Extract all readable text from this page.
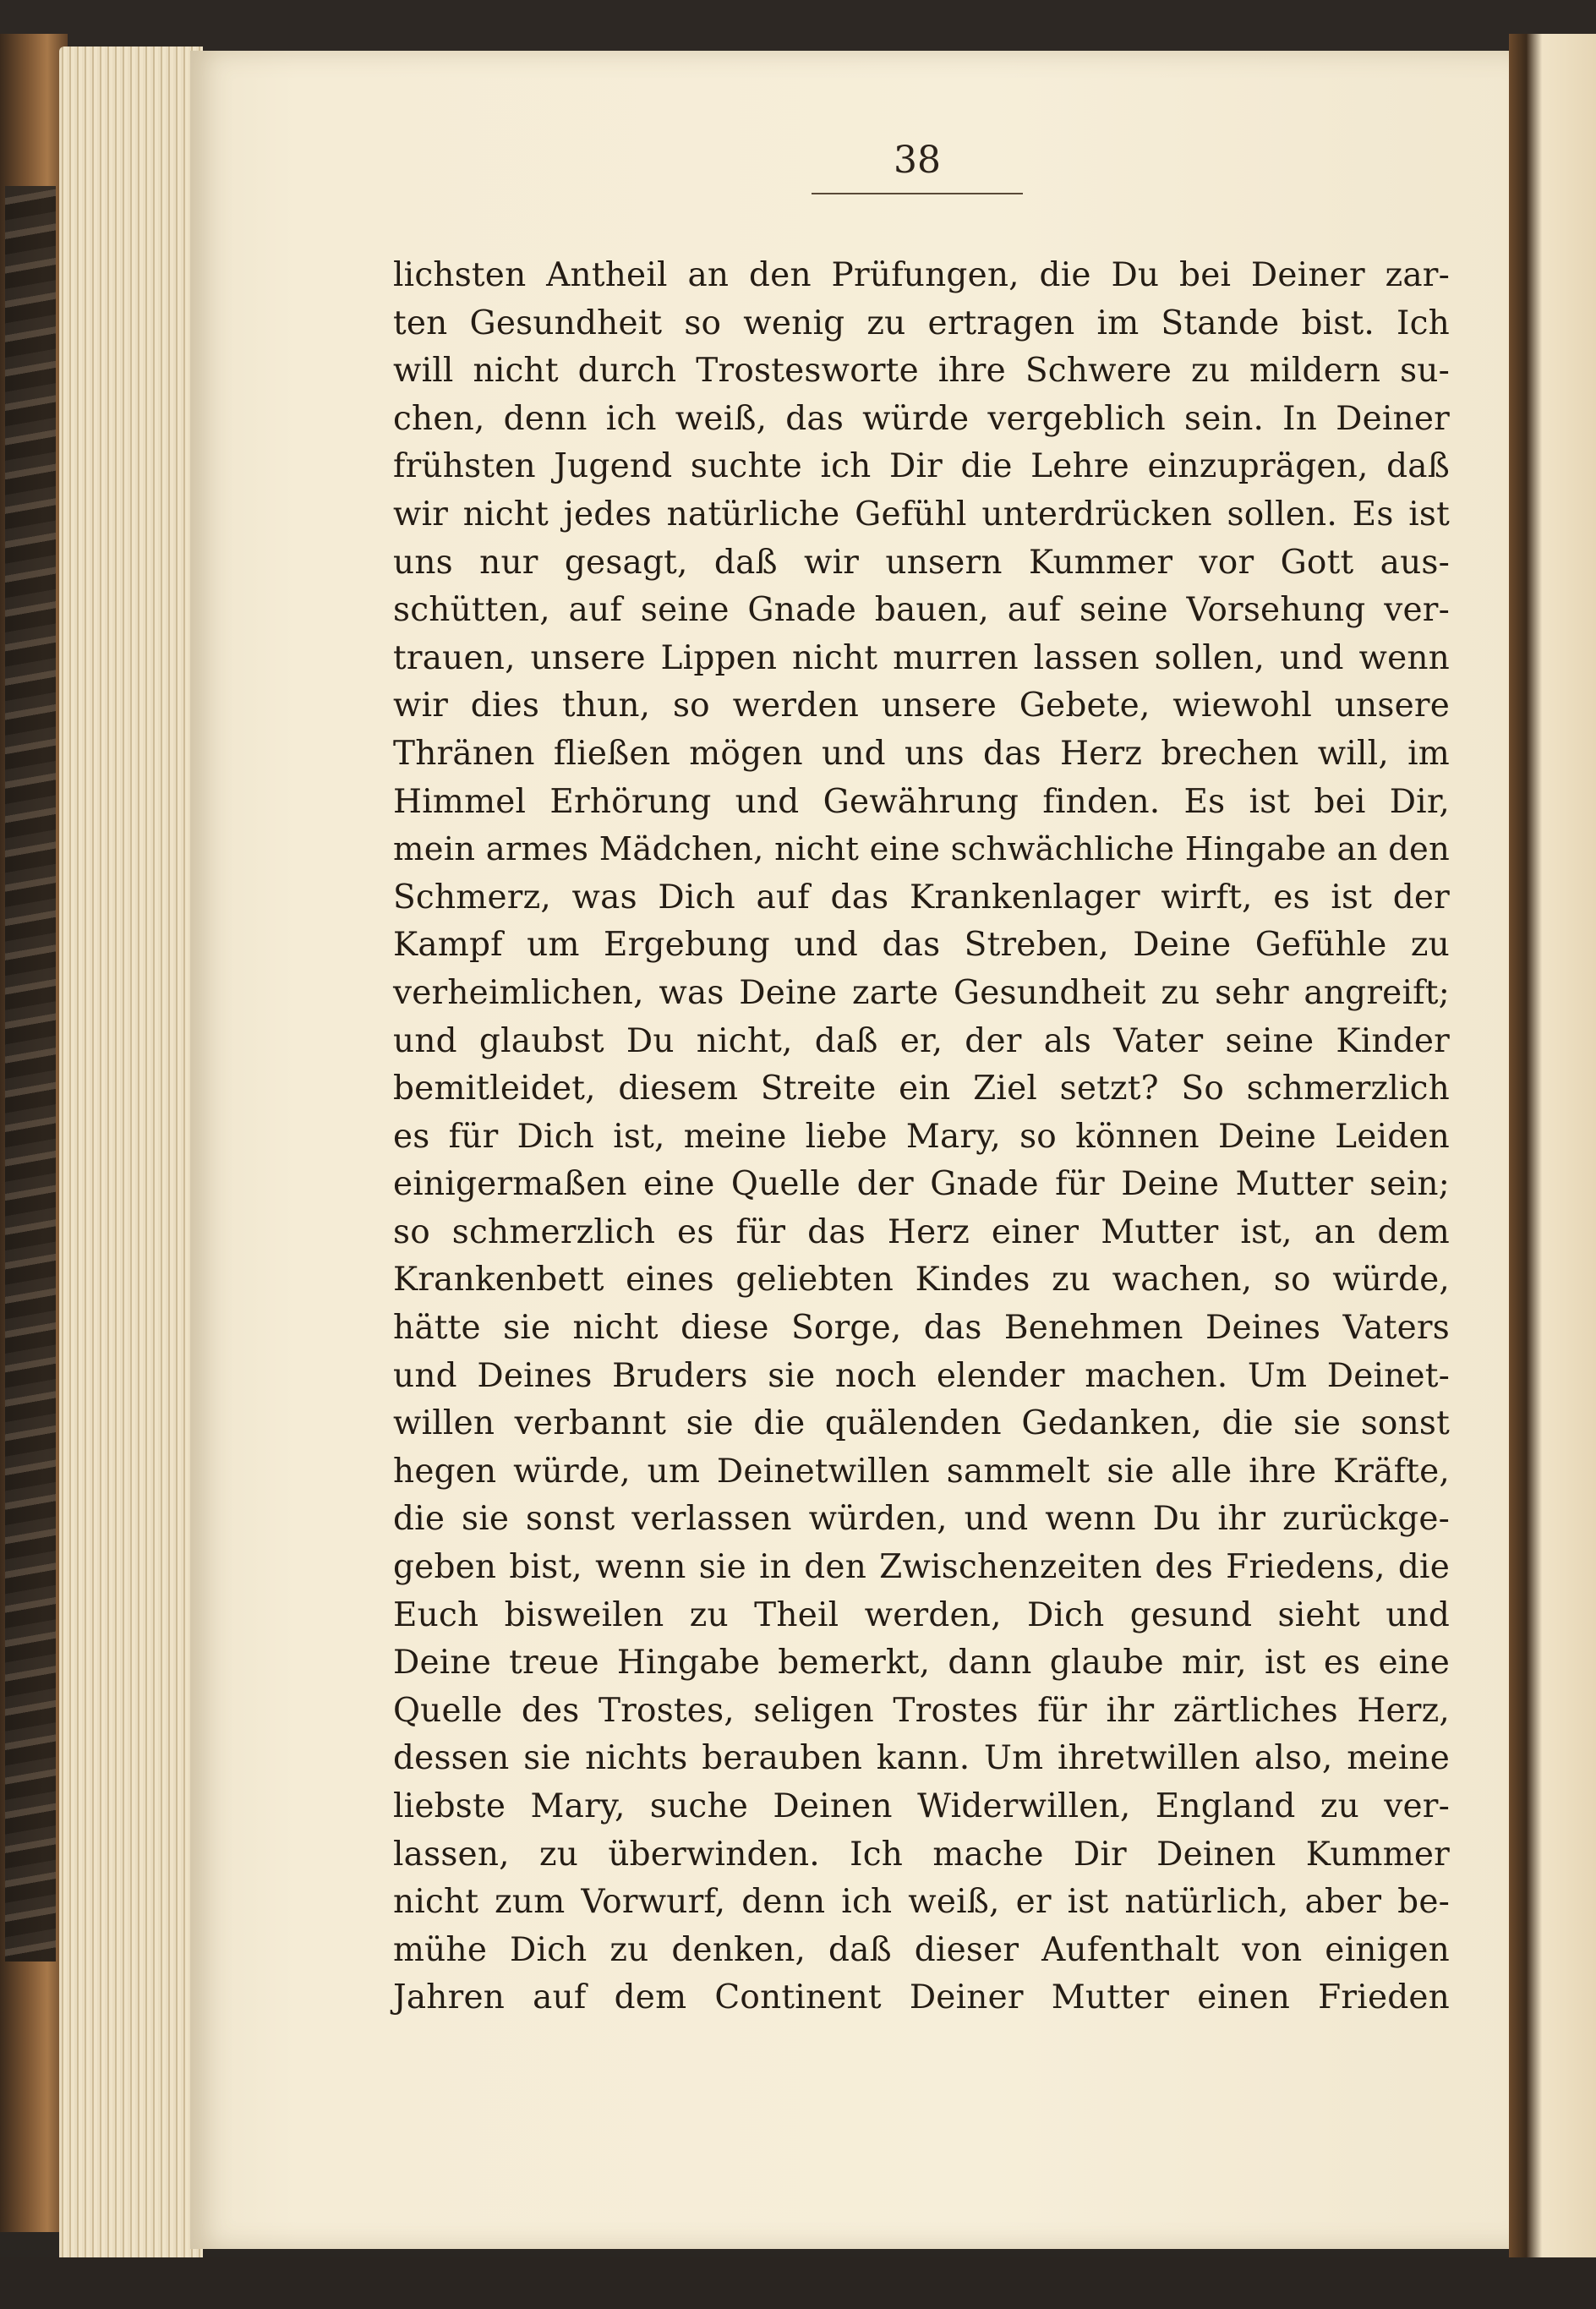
38
lichsten Antheil an den Prüfungen, die Du bei Deiner zar-
ten Gesundheit so wenig zu ertragen im Stande bist. Ich
will nicht durch Trostesworte ihre Schwere zu mildern su-
chen, denn ich weiß, das würde vergeblich sein. In Deiner
frühsten Jugend suchte ich Dir die Lehre einzuprägen, daß
wir nicht jedes natürliche Gefühl unterdrücken sollen. Es ist
uns nur gesagt, daß wir unsern Kummer vor Gott aus-
schütten, auf seine Gnade bauen, auf seine Vorsehung ver-
trauen, unsere Lippen nicht murren lassen sollen, und wenn
wir dies thun, so werden unsere Gebete, wiewohl unsere
Thränen fließen mögen und uns das Herz brechen will, im
Himmel Erhörung und Gewährung finden. Es ist bei Dir,
mein armes Mädchen, nicht eine schwächliche Hingabe an den
Schmerz, was Dich auf das Krankenlager wirft, es ist der
Kampf um Ergebung und das Streben, Deine Gefühle zu
verheimlichen, was Deine zarte Gesundheit zu sehr angreift;
und glaubst Du nicht, daß er, der als Vater seine Kinder
bemitleidet, diesem Streite ein Ziel setzt? So schmerzlich
es für Dich ist, meine liebe Mary, so können Deine Leiden
einigermaßen eine Quelle der Gnade für Deine Mutter sein;
so schmerzlich es für das Herz einer Mutter ist, an dem
Krankenbett eines geliebten Kindes zu wachen, so würde,
hätte sie nicht diese Sorge, das Benehmen Deines Vaters
und Deines Bruders sie noch elender machen. Um Deinet-
willen verbannt sie die quälenden Gedanken, die sie sonst
hegen würde, um Deinetwillen sammelt sie alle ihre Kräfte,
die sie sonst verlassen würden, und wenn Du ihr zurückge-
geben bist, wenn sie in den Zwischenzeiten des Friedens, die
Euch bisweilen zu Theil werden, Dich gesund sieht und
Deine treue Hingabe bemerkt, dann glaube mir, ist es eine
Quelle des Trostes, seligen Trostes für ihr zärtliches Herz,
dessen sie nichts berauben kann. Um ihretwillen also, meine
liebste Mary, suche Deinen Widerwillen, England zu ver-
lassen, zu überwinden. Ich mache Dir Deinen Kummer
nicht zum Vorwurf, denn ich weiß, er ist natürlich, aber be-
mühe Dich zu denken, daß dieser Aufenthalt von einigen
Jahren auf dem Continent Deiner Mutter einen Frieden
